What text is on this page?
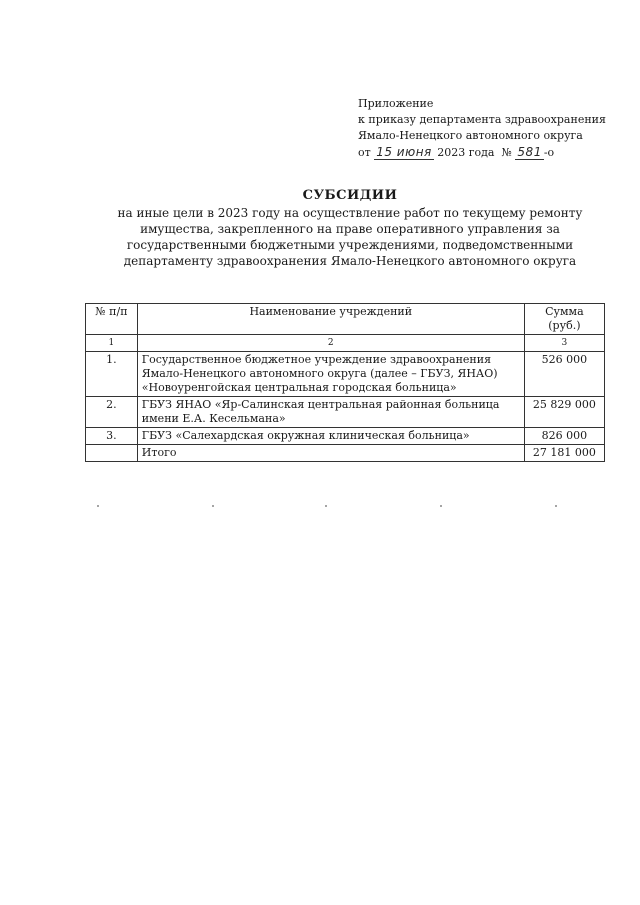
Приложение
к приказу департамента здравоохранения
Ямало-Ненецкого автономного округа
от 15 июня 2023 года № 581 -о
СУБСИДИИ
на иные цели в 2023 году на осуществление работ по текущему ремонту
имущества, закрепленного на праве оперативного управления за
государственными бюджетными учреждениями, подведомственными
департаменту здравоохранения Ямало-Ненецкого автономного округа
№ п/п	Наименование учреждений	Сумма (руб.)
1	2	3
1.	Государственное бюджетное учреждение здравоохранения
Ямало-Ненецкого автономного округа (далее – ГБУЗ, ЯНАО)
«Новоуренгойская центральная городская больница»	526 000
2.	ГБУЗ ЯНАО «Яр-Салинская центральная районная больница
имени Е.А. Кесельмана»	25 829 000
3.	ГБУЗ «Салехардская окружная клиническая больница»	826 000
	Итого	27 181 000
